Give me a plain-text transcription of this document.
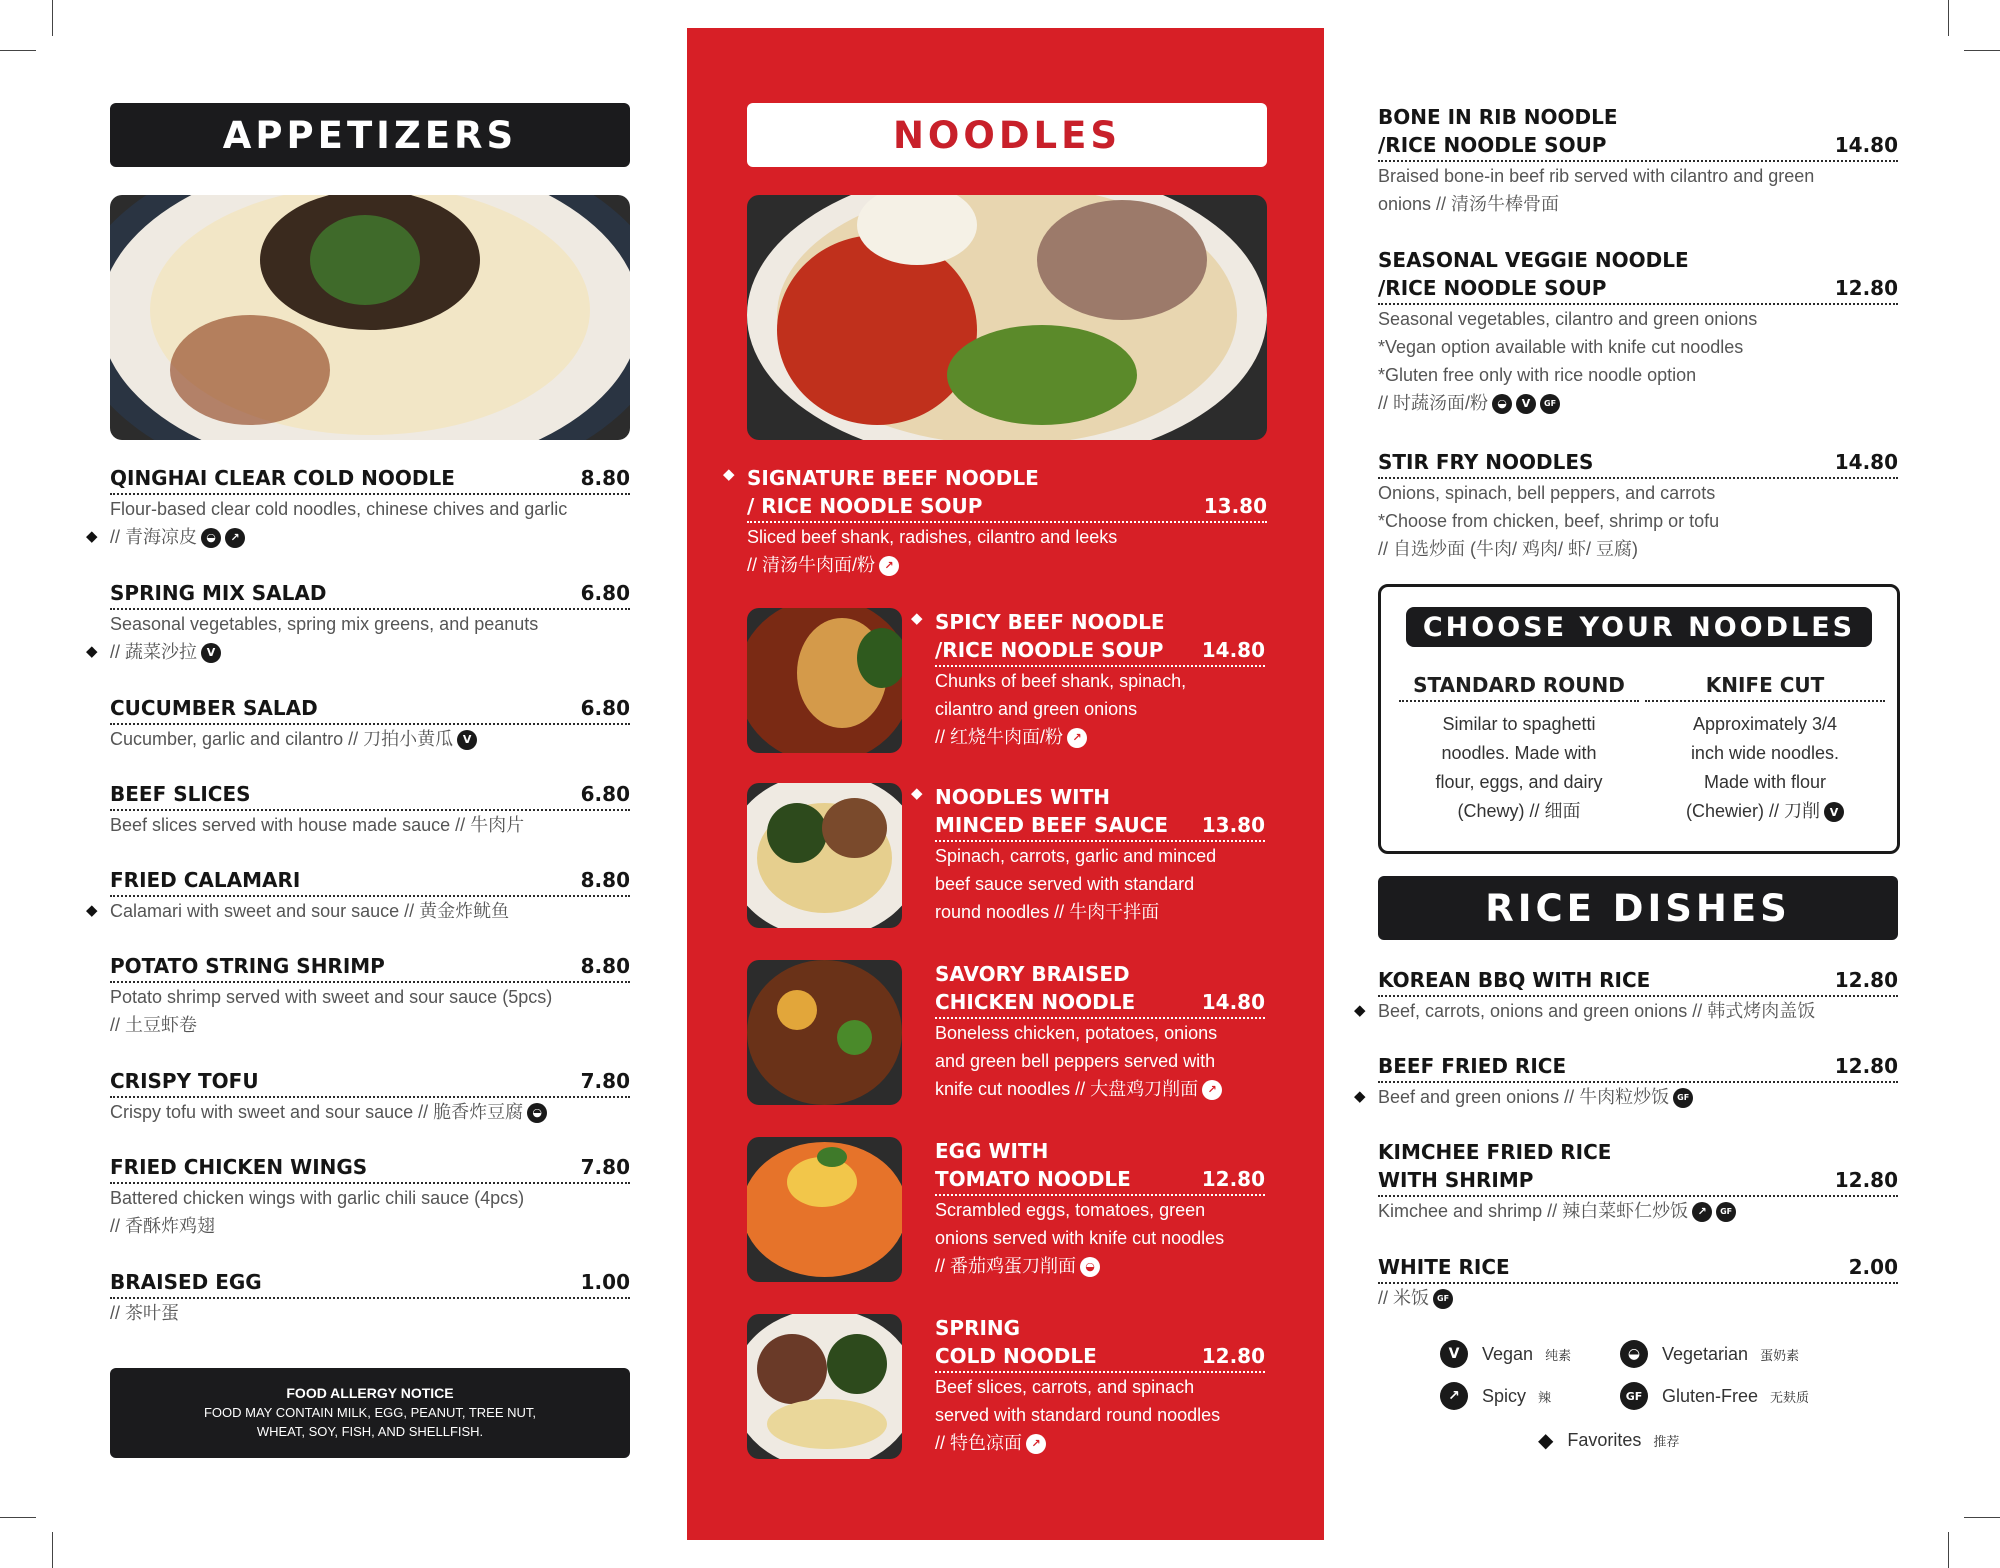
APPETIZERS
◆
QINGHAI CLEAR COLD NOODLE	8.80
Flour-based clear cold noodles, chinese chives and garlic
// 青海凉皮 ◒ ↗
◆
SPRING MIX SALAD	6.80
Seasonal vegetables, spring mix greens, and peanuts
// 蔬菜沙拉 V
CUCUMBER SALAD	6.80
Cucumber, garlic and cilantro // 刀拍小黄瓜 V
BEEF SLICES	6.80
Beef slices served with house made sauce // 牛肉片
◆
FRIED CALAMARI	8.80
Calamari with sweet and sour sauce // 黄金炸鱿鱼
POTATO STRING SHRIMP	8.80
Potato shrimp served with sweet and sour sauce (5pcs)
// 土豆虾卷
CRISPY TOFU	7.80
Crispy tofu with sweet and sour sauce // 脆香炸豆腐 ◒
FRIED CHICKEN WINGS	7.80
Battered chicken wings with garlic chili sauce (4pcs)
// 香酥炸鸡翅
BRAISED EGG	1.00
// 茶叶蛋
FOOD ALLERGY NOTICE
FOOD MAY CONTAIN MILK, EGG, PEANUT, TREE NUT,
WHEAT, SOY, FISH, AND SHELLFISH.
NOODLES
◆ SIGNATURE BEEF NOODLE
/ RICE NOODLE SOUP	13.80
Sliced beef shank, radishes, cilantro and leeks
// 清汤牛肉面/粉 ↗
◆ SPICY BEEF NOODLE
/RICE NOODLE SOUP 14.80
Chunks of beef shank, spinach,
cilantro and green onions
// 红烧牛肉面/粉 ↗
◆ NOODLES WITH
MINCED BEEF SAUCE 13.80
Spinach, carrots, garlic and minced
beef sauce served with standard
round noodles // 牛肉干拌面
SAVORY BRAISED
CHICKEN NOODLE	14.80
Boneless chicken, potatoes, onions
and green bell peppers served with
knife cut noodles // 大盘鸡刀削面 ↗
EGG WITH
TOMATO NOODLE	12.80
Scrambled eggs, tomatoes, green
onions served with knife cut noodles
// 番茄鸡蛋刀削面 ◒
SPRING
COLD NOODLE	12.80
Beef slices, carrots, and spinach
served with standard round noodles
// 特色凉面 ↗
BONE IN RIB NOODLE
/RICE NOODLE SOUP	14.80
Braised bone-in beef rib served with cilantro and green
onions // 清汤牛棒骨面
SEASONAL VEGGIE NOODLE
/RICE NOODLE SOUP	12.80
Seasonal vegetables, cilantro and green onions
*Vegan option available with knife cut noodles
*Gluten free only with rice noodle option
// 时蔬汤面/粉 ◒ V GF
STIR FRY NOODLES	14.80
Onions, spinach, bell peppers, and carrots
*Choose from chicken, beef, shrimp or tofu
// 自选炒面 (牛肉/ 鸡肉/ 虾/ 豆腐)
CHOOSE YOUR NOODLES
STANDARD ROUND
Similar to spaghetti
noodles. Made with
flour, eggs, and dairy
(Chewy) // 细面
KNIFE CUT
Approximately 3/4
inch wide noodles.
Made with flour
(Chewier) // 刀削 V
RICE DISHES
◆
KOREAN BBQ WITH RICE	12.80
Beef, carrots, onions and green onions // 韩式烤肉盖饭
◆
BEEF FRIED RICE	12.80
Beef and green onions // 牛肉粒炒饭 GF
KIMCHEE FRIED RICE
WITH SHRIMP	12.80
Kimchee and shrimp // 辣白菜虾仁炒饭 ↗ GF
WHITE RICE	2.00
// 米饭 GF
V	Vegan 纯素	◒	Vegetarian 蛋奶素
↗	Spicy 辣	GF	Gluten-Free 无麸质
◆ Favorites 推荐
